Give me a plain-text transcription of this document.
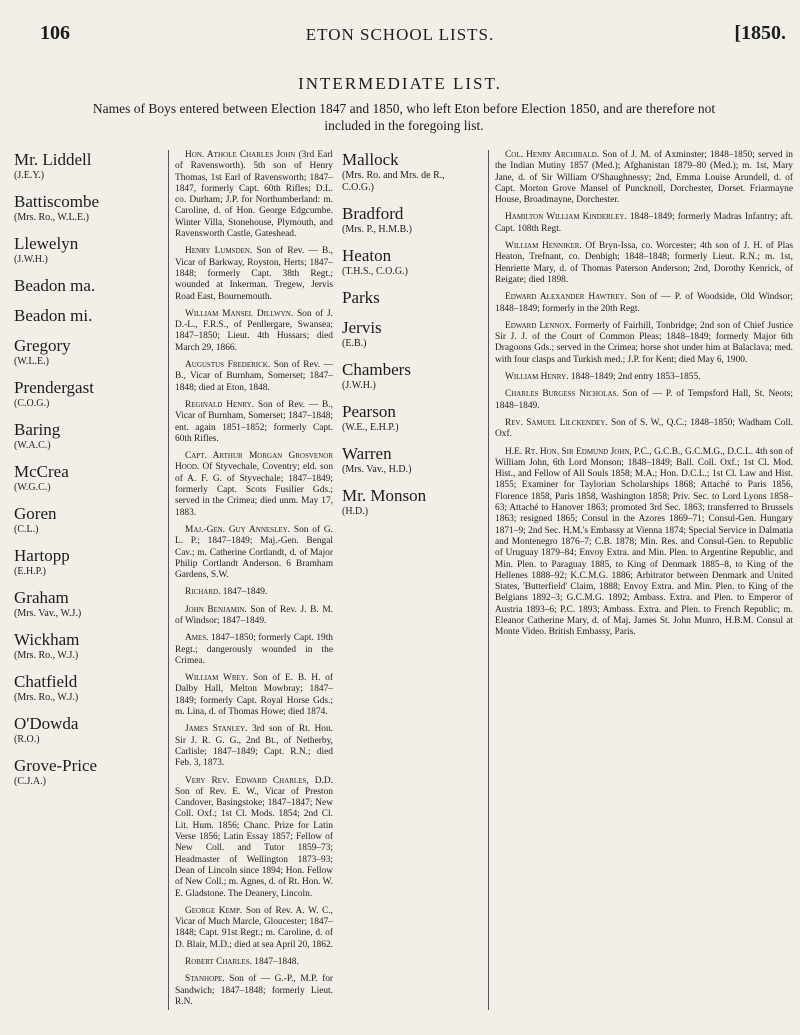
106	ETON SCHOOL LISTS.	[1850.
INTERMEDIATE LIST.
Names of Boys entered between Election 1847 and 1850, who left Eton before Election 1850, and are therefore not
included in the foregoing list.
Mr. Liddell
(J.E.Y.)
Battiscombe
(Mrs. Ro., W.L.E.)
Llewelyn
(J.W.H.)
Beadon ma.
Beadon mi.
Gregory
(W.L.E.)
Prendergast
(C.O.G.)
Baring
(W.A.C.)
McCrea
(W.G.C.)
Goren
(C.L.)
Hartopp
(E.H.P.)
Graham
(Mrs. Vav., W.J.)
Wickham
(Mrs. Ro., W.J.)
Chatfield
(Mrs. Ro., W.J.)
O'Dowda
(R.O.)
Grove-Price
(C.J.A.)

Hon. Athole Charles John (3rd Earl of Ravensworth). 5th son of Henry Thomas, 1st Earl of Ravensworth; 1847–1847, formerly Capt. 60th Rifles; D.L. co. Durham; J.P. for Northumberland: m. Caroline, d. of Hon. George Edgcumbe. Winter Villa, Stonehouse, Plymouth, and Ravensworth Castle, Gateshead.

Henry Lumsden. Son of Rev. — B., Vicar of Barkway, Royston, Herts; 1847–1848; formerly Capt. 38th Regt.; wounded at Inkerman. Tregew, Jervis Road East, Bournemouth.

William Mansel Dillwyn. Son of J. D.-L., F.R.S., of Penllergare, Swansea; 1847–1850; Lieut. 4th Hussars; died March 29, 1866.

Augustus Frederick. Son of Rev. — B., Vicar of Burnham, Somerset; 1847–1848; died at Eton, 1848.

Reginald Henry. Son of Rev. — B., Vicar of Burnham, Somerset; 1847–1848; ent. again 1851–1852; formerly Capt. 60th Rifles.

Capt. Arthur Morgan Grosvenor Hood. Of Styvechale, Coventry; eld. son of A. F. G. of Styvechale; 1847–1849; formerly Capt. Scots Fusilier Gds.; served in the Crimea; died unm. May 17, 1883.

Maj.-Gen. Guy Annesley. Son of G. L. P.; 1847–1849; Maj.-Gen. Bengal Cav.; m. Catherine Cortlandt, d. of Major Philip Cortlandt Anderson. 6 Bramham Gardens, S.W.

Richard. 1847–1849.

John Benjamin. Son of Rev. J. B. M. of Windsor; 1847–1849.

Ames. 1847–1850; formerly Capt. 19th Regt.; dangerously wounded in the Crimea.

William Wrey. Son of E. B. H. of Dalby Hall, Melton Mowbray; 1847–1849; formerly Capt. Royal Horse Gds.; m. Lina, d. of Thomas Howe; died 1874.

James Stanley. 3rd son of Rt. Hon. Sir J. R. G. G., 2nd Bt., of Netherby, Carlisle; 1847–1849; Capt. R.N.; died Feb. 3, 1873.

Very Rev. Edward Charles, D.D. Son of Rev. E. W., Vicar of Preston Candover, Basingstoke; 1847–1847; New Coll. Oxf.; 1st Cl. Mods. 1854; 2nd Cl. Lit. Hum. 1856; Chanc. Prize for Latin Verse 1856; Latin Essay 1857; Fellow of New Coll. and Tutor 1859–73; Headmaster of Wellington 1873–93; Dean of Lincoln since 1894; Hon. Fellow of New Coll.; m. Agnes, d. of Rt. Hon. W. E. Gladstone. The Deanery, Lincoln.

George Kemp. Son of Rev. A. W. C., Vicar of Much Marcle, Gloucester; 1847–1848; Capt. 91st Regt.; m. Caroline, d. of D. Blair, M.D.; died at sea April 20, 1862.

Robert Charles. 1847–1848.

Stanhope. Son of — G.-P., M.P. for Sandwich; 1847–1848; formerly Lieut. R.N.

Mallock
(Mrs. Ro. and Mrs. de R., C.O.G.)
Bradford
(Mrs. P., H.M.B.)
Heaton
(T.H.S., C.O.G.)
Parks
Jervis
(E.B.)
Chambers
(J.W.H.)
Pearson
(W.E., E.H.P.)
Warren
(Mrs. Vav., H.D.)
Mr. Monson
(H.D.)

Col. Henry Archibald. Son of J. M. of Axminster; 1848–1850; served in the Indian Mutiny 1857 (Med.); Afghanistan 1879–80 (Med.); m. 1st, Mary Jane, d. of Sir William O'Shaughnessy; 2nd, Emma Louise Arundell, d. of Capt. Morton Grove Mansel of Puncknoll, Dorchester, Dorset. Friarmayne House, Broadmayne, Dorchester.

Hamilton William Kinderley. 1848–1849; formerly Madras Infantry; aft. Capt. 108th Regt.

William Henniker. Of Bryn-Issa, co. Worcester; 4th son of J. H. of Plas Heaton, Trefnant, co. Denbigh; 1848–1848; formerly Lieut. R.N.; m. 1st, Henriette Mary, d. of Thomas Paterson Anderson; 2nd, Dorothy Kenrick, of Reigate; died 1898.

Edward Alexander Hawtrey. Son of — P. of Woodside, Old Windsor; 1848–1849; formerly in the 20th Regt.

Edward Lennox. Formerly of Fairhill, Tonbridge; 2nd son of Chief Justice Sir J. J. of the Court of Common Pleas; 1848–1849; formerly Major 6th Dragoons Gds.; served in the Crimea; horse shot under him at Balaclava; med. with four clasps and Turkish med.; J.P. for Kent; died May 6, 1900.

William Henry. 1848–1849; 2nd entry 1853–1855.

Charles Burgess Nicholas. Son of — P. of Tempsford Hall, St. Neots; 1848–1849.

Rev. Samuel Lilckendey. Son of S. W., Q.C.; 1848–1850; Wadham Coll. Oxf.

H.E. Rt. Hon. Sir Edmund John, P.C., G.C.B., G.C.M.G., D.C.L. 4th son of William John, 6th Lord Monson; 1848–1849; Ball. Coll. Oxf.; 1st Cl. Mod. Hist., and Fellow of All Souls 1858; M.A.; Hon. D.C.L.; 1st Cl. Law and Hist. 1855; Examiner for Taylorian Scholarships 1868; Attaché to Paris 1856, Florence 1858, Paris 1858, Washington 1858; Priv. Sec. to Lord Lyons 1858–63; Attaché to Hanover 1863; promoted 3rd Sec. 1863; transferred to Brussels 1863; resigned 1865; Consul in the Azores 1869–71; Consul-Gen. Hungary 1871–9; 2nd Sec. H.M.'s Embassy at Vienna 1874; Special Service in Dalmatia and Montenegro 1876–7; C.B. 1878; Min. Res. and Consul-Gen. to Republic of Uruguay 1879–84; Envoy Extra. and Min. Plen. to Argentine Republic, and Min. Plen. to Paraguay 1885, to King of Denmark 1885–8, to King of the Hellenes 1888–92; K.C.M.G. 1886; Arbitrator between Denmark and United States, 'Butterfield' Claim, 1888; Envoy Extra. and Min. Plen. to King of the Belgians 1892–3; G.C.M.G. 1892; Ambass. Extra. and Plen. to Emperor of Austria 1893–6; P.C. 1893; Ambass. Extra. and Plen. to French Republic; m. Eleanor Catherine Mary, d. of Maj. James St. John Munro, H.B.M. Consul at Monte Video. British Embassy, Paris.
